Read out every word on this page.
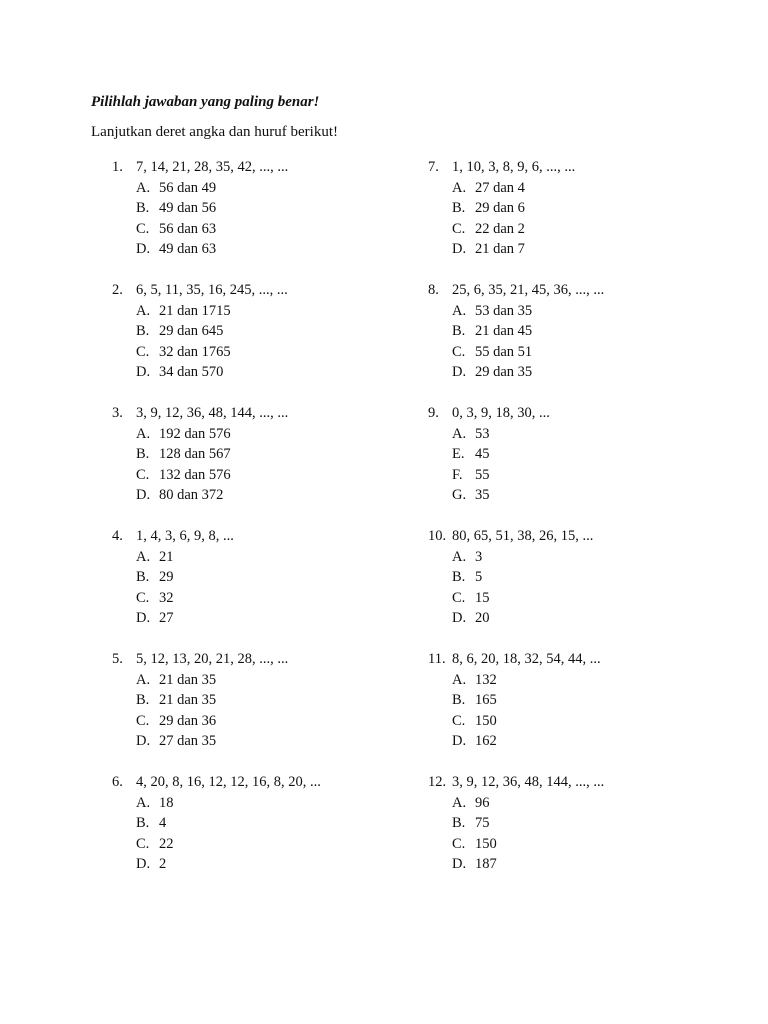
Pilihlah jawaban yang paling benar!
Lanjutkan deret angka dan huruf berikut!
1. 7, 14, 21, 28, 35, 42, ..., ...
A. 56 dan 49
B. 49 dan 56
C. 56 dan 63
D. 49 dan 63
2. 6, 5, 11, 35, 16, 245, ..., ...
A. 21 dan 1715
B. 29 dan 645
C. 32 dan 1765
D. 34 dan 570
3. 3, 9, 12, 36, 48, 144, ..., ...
A. 192 dan 576
B. 128 dan 567
C. 132 dan 576
D. 80 dan 372
4. 1, 4, 3, 6, 9, 8, ...
A. 21
B. 29
C. 32
D. 27
5. 5, 12, 13, 20, 21, 28, ..., ...
A. 21 dan 35
B. 21 dan 35
C. 29 dan 36
D. 27 dan 35
6. 4, 20, 8, 16, 12, 12, 16, 8, 20, ...
A. 18
B. 4
C. 22
D. 2
7. 1, 10, 3, 8, 9, 6, ..., ...
A. 27 dan 4
B. 29 dan 6
C. 22 dan 2
D. 21 dan 7
8. 25, 6, 35, 21, 45, 36, ..., ...
A. 53 dan 35
B. 21 dan 45
C. 55 dan 51
D. 29 dan 35
9. 0, 3, 9, 18, 30, ...
A. 53
E. 45
F. 55
G. 35
10. 80, 65, 51, 38, 26, 15, ...
A. 3
B. 5
C. 15
D. 20
11. 8, 6, 20, 18, 32, 54, 44, ...
A. 132
B. 165
C. 150
D. 162
12. 3, 9, 12, 36, 48, 144, ..., ...
A. 96
B. 75
C. 150
D. 187
